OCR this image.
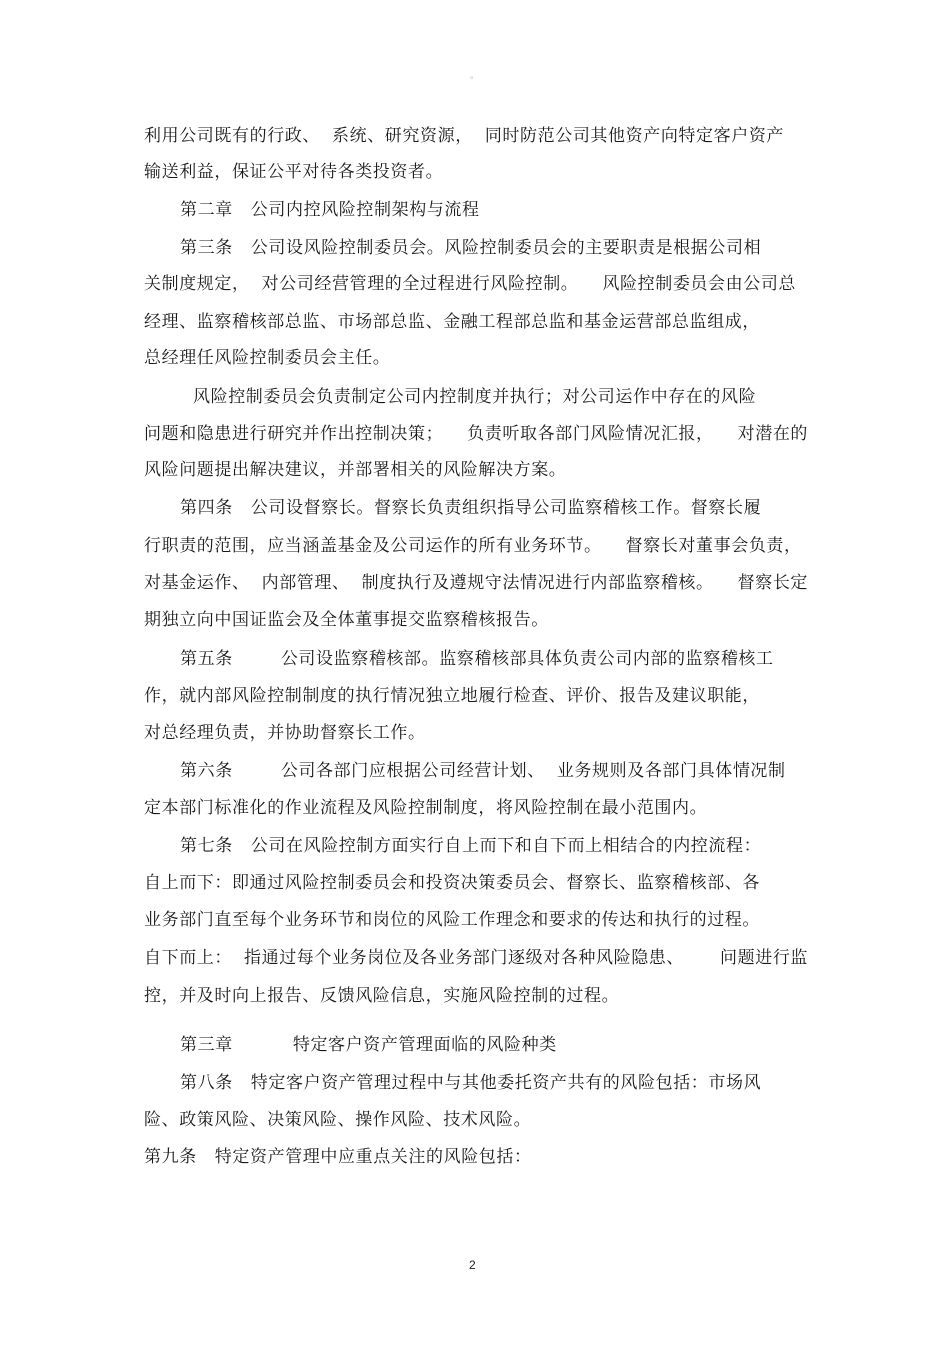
。
利用公司既有的行政、  系统、研究资源，  同时防范公司其他资产向特定客户资产
输送利益，保证公平对待各类投资者。
第二章   公司内控风险控制架构与流程
第三条   公司设风险控制委员会。风险控制委员会的主要职责是根据公司相
关制度规定，  对公司经营管理的全过程进行风险控制。    风险控制委员会由公司总
经理、监察稽核部总监、市场部总监、金融工程部总监和基金运营部总监组成，
总经理任风险控制委员会主任。
风险控制委员会负责制定公司内控制度并执行；对公司运作中存在的风险
问题和隐患进行研究并作出控制决策；    负责听取各部门风险情况汇报，    对潜在的
风险问题提出解决建议，并部署相关的风险解决方案。
第四条   公司设督察长。督察长负责组织指导公司监察稽核工作。督察长履
行职责的范围，应当涵盖基金及公司运作的所有业务环节。    督察长对董事会负责，
对基金运作、  内部管理、  制度执行及遵规守法情况进行内部监察稽核。    督察长定
期独立向中国证监会及全体董事提交监察稽核报告。
第五条        公司设监察稽核部。监察稽核部具体负责公司内部的监察稽核工
作，就内部风险控制制度的执行情况独立地履行检查、评价、报告及建议职能，
对总经理负责，并协助督察长工作。
第六条        公司各部门应根据公司经营计划、  业务规则及各部门具体情况制
定本部门标准化的作业流程及风险控制制度，将风险控制在最小范围内。
第七条   公司在风险控制方面实行自上而下和自下而上相结合的内控流程：
自上而下：即通过风险控制委员会和投资决策委员会、督察长、监察稽核部、各
业务部门直至每个业务环节和岗位的风险工作理念和要求的传达和执行的过程。
自下而上：  指通过每个业务岗位及各业务部门逐级对各种风险隐患、      问题进行监
控，并及时向上报告、反馈风险信息，实施风险控制的过程。
第三章          特定客户资产管理面临的风险种类
第八条   特定客户资产管理过程中与其他委托资产共有的风险包括：市场风
险、政策风险、决策风险、操作风险、技术风险。
第九条   特定资产管理中应重点关注的风险包括：
2
